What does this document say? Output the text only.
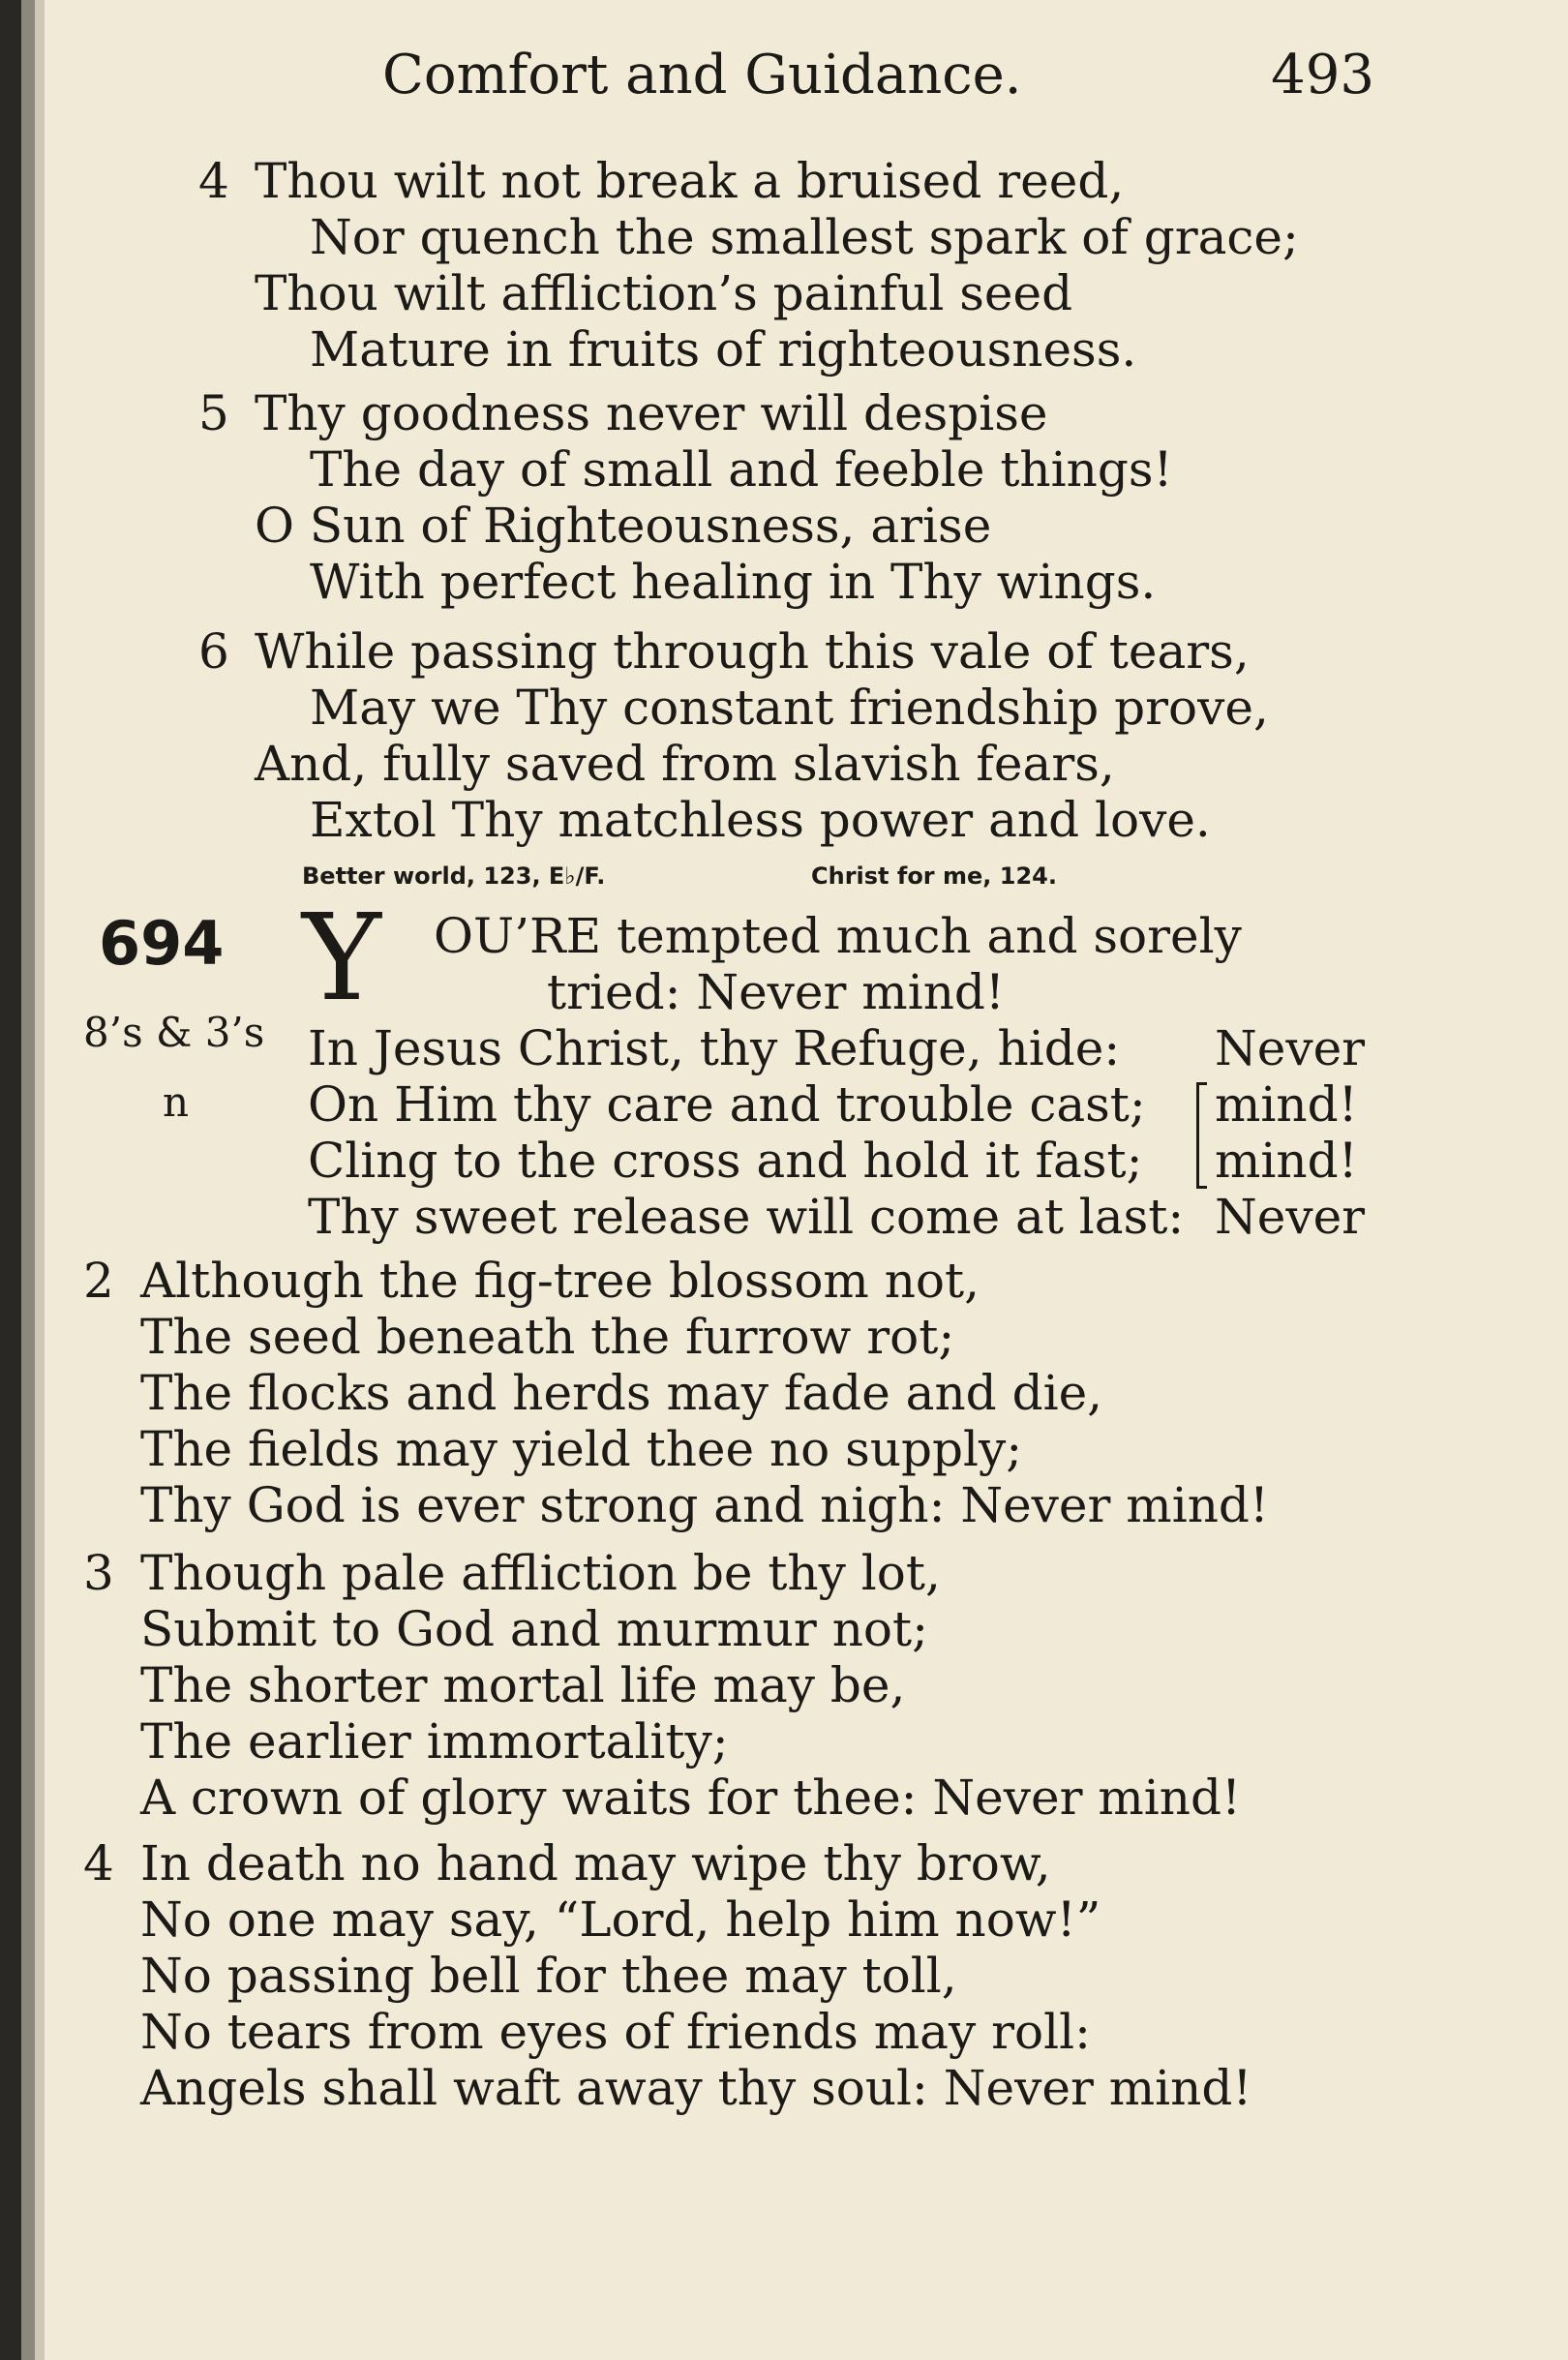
Comfort and Guidance.	493
4 Thou wilt not break a bruised reed,
Nor quench the smallest spark of grace;
Thou wilt affliction’s painful seed
Mature in fruits of righteousness.
5 Thy goodness never will despise
The day of small and feeble things!
O Sun of Righteousness, arise
With perfect healing in Thy wings.
6 While passing through this vale of tears,
May we Thy constant friendship prove,
And, fully saved from slavish fears,
Extol Thy matchless power and love.
Better world, 123, E♭/F.	Christ for me, 124.
694
8’s & 3’s
n
Y OU’RE tempted much and sorely
tried: Never mind!
In Jesus Christ, thy Refuge, hide: Never
On Him thy care and trouble cast; mind!
Cling to the cross and hold it fast; mind!
Thy sweet release will come at last: Never
2 Although the fig-tree blossom not,
The seed beneath the furrow rot;
The flocks and herds may fade and die,
The fields may yield thee no supply;
Thy God is ever strong and nigh: Never mind!
3 Though pale affliction be thy lot,
Submit to God and murmur not;
The shorter mortal life may be,
The earlier immortality;
A crown of glory waits for thee: Never mind!
4 In death no hand may wipe thy brow,
No one may say, “Lord, help him now!”
No passing bell for thee may toll,
No tears from eyes of friends may roll:
Angels shall waft away thy soul: Never mind!
